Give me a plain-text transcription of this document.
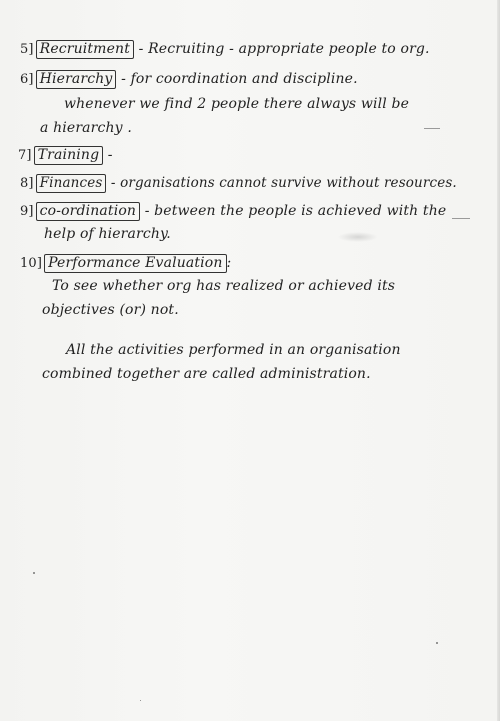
5] Recruitment - Recruiting - appropriate people to org.
6] Hierarchy - for coordination and discipline.
whenever we find 2 people there always will be
a hierarchy .
7] Training -
8] Finances - organisations cannot survive without resources.
9] co-ordination - between the people is achieved with the
help of hierarchy.
10] Performance Evaluation :
To see whether org has realized or achieved its
objectives (or) not.
All the activities performed in an organisation
combined together are called administration.
